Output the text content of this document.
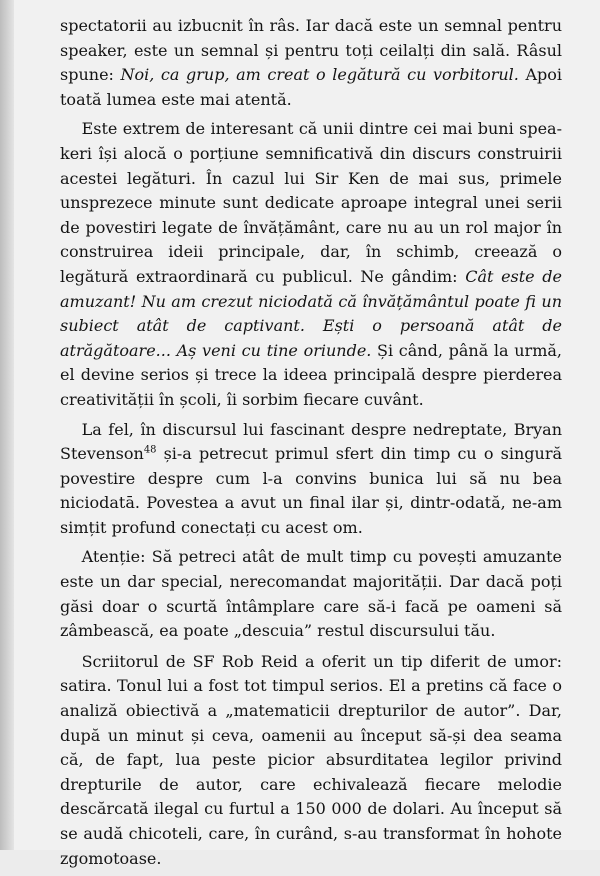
spectatorii au izbucnit în râs. Iar dacă este un semnal pentru speaker, este un semnal și pentru toți ceilalți din sală. Râsul spune: Noi, ca grup, am creat o legătură cu vorbitorul. Apoi toată lumea este mai atentă.

Este extrem de interesant că unii dintre cei mai buni speakeri își alocă o porțiune semnificativă din discurs construirii acestei legături. În cazul lui Sir Ken de mai sus, primele unsprezece minute sunt dedicate aproape integral unei serii de povestiri legate de învățământ, care nu au un rol major în construirea ideii principale, dar, în schimb, creează o legătură extraordinară cu publicul. Ne gândim: Cât este de amuzant! Nu am crezut niciodată că învățământul poate fi un subiect atât de captivant. Ești o persoană atât de atrăgătoare... Aș veni cu tine oriunde. Și când, până la urmă, el devine serios și trece la ideea principală despre pierderea creativității în școli, îi sorbim fiecare cuvânt.

La fel, în discursul lui fascinant despre nedreptate, Bryan Stevenson$^{48}$ și-a petrecut primul sfert din timp cu o singură povestire despre cum l-a convins bunica lui să nu bea niciodatā. Povestea a avut un final ilar și, dintr-odată, ne-am simțit profund conectați cu acest om.

Atenție: Să petreci atât de mult timp cu povești amuzante este un dar special, nerecomandat majorității. Dar dacă poți găsi doar o scurtă întâmplare care să-i facă pe oameni să zâmbească, ea poate „descuia” restul discursului tău.

Scriitorul de SF Rob Reid a oferit un tip diferit de umor: satira. Tonul lui a fost tot timpul serios. El a pretins că face o analiză obiectivă a „matematicii drepturilor de autor”. Dar, după un minut și ceva, oamenii au început să-și dea seama că, de fapt, lua peste picior absurditatea legilor privind drepturile de autor, care echivalează fiecare melodie descărcată ilegal cu furtul a 150 000 de dolari. Au început să se audă chicoteli, care, în curând, s-au transformat în hohote zgomotoase.
